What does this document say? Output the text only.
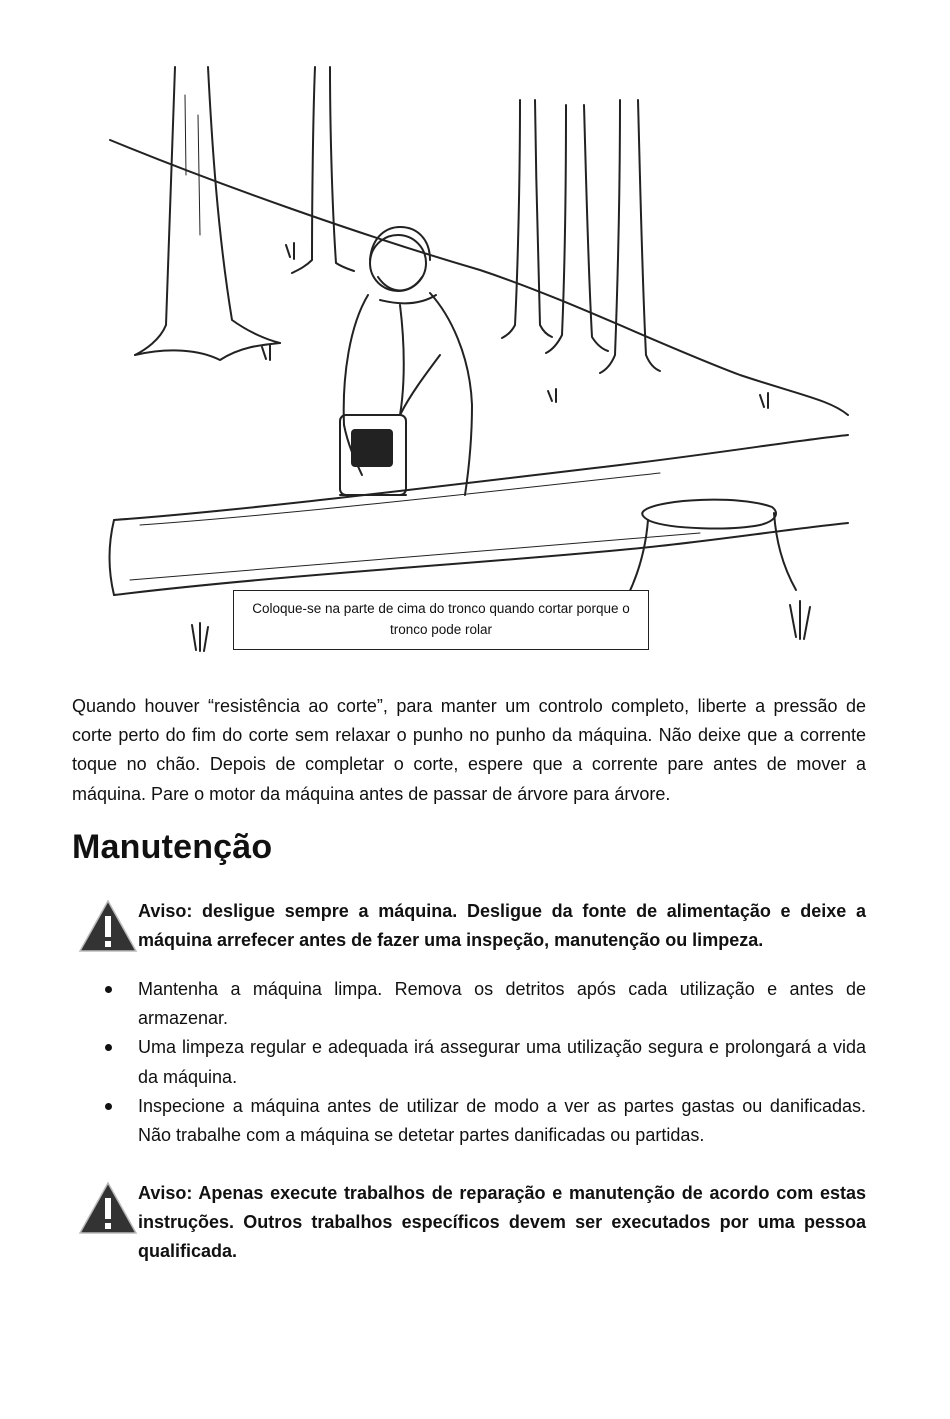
Coloque-se na parte de cima do tronco quando cortar porque o tronco pode rolar

Quando houver “resistência ao corte”, para manter um controlo completo, liberte a pressão de corte perto do fim do corte sem relaxar o punho no punho da máquina. Não deixe que a corrente toque no chão. Depois de completar o corte, espere que a corrente pare antes de mover a máquina. Pare o motor da máquina antes de passar de árvore para árvore.

Manutenção

Aviso: desligue sempre a máquina. Desligue da fonte de alimentação e deixe a máquina arrefecer antes de fazer uma inspeção, manutenção ou limpeza.

Mantenha a máquina limpa. Remova os detritos após cada utilização e antes de armazenar.
Uma limpeza regular e adequada irá assegurar uma utilização segura e prolongará a vida da máquina.
Inspecione a máquina antes de utilizar de modo a ver as partes gastas ou danificadas. Não trabalhe com a máquina se detetar partes danificadas ou partidas.

Aviso: Apenas execute trabalhos de reparação e manutenção de acordo com estas instruções. Outros trabalhos específicos devem ser executados por uma pessoa qualificada.
